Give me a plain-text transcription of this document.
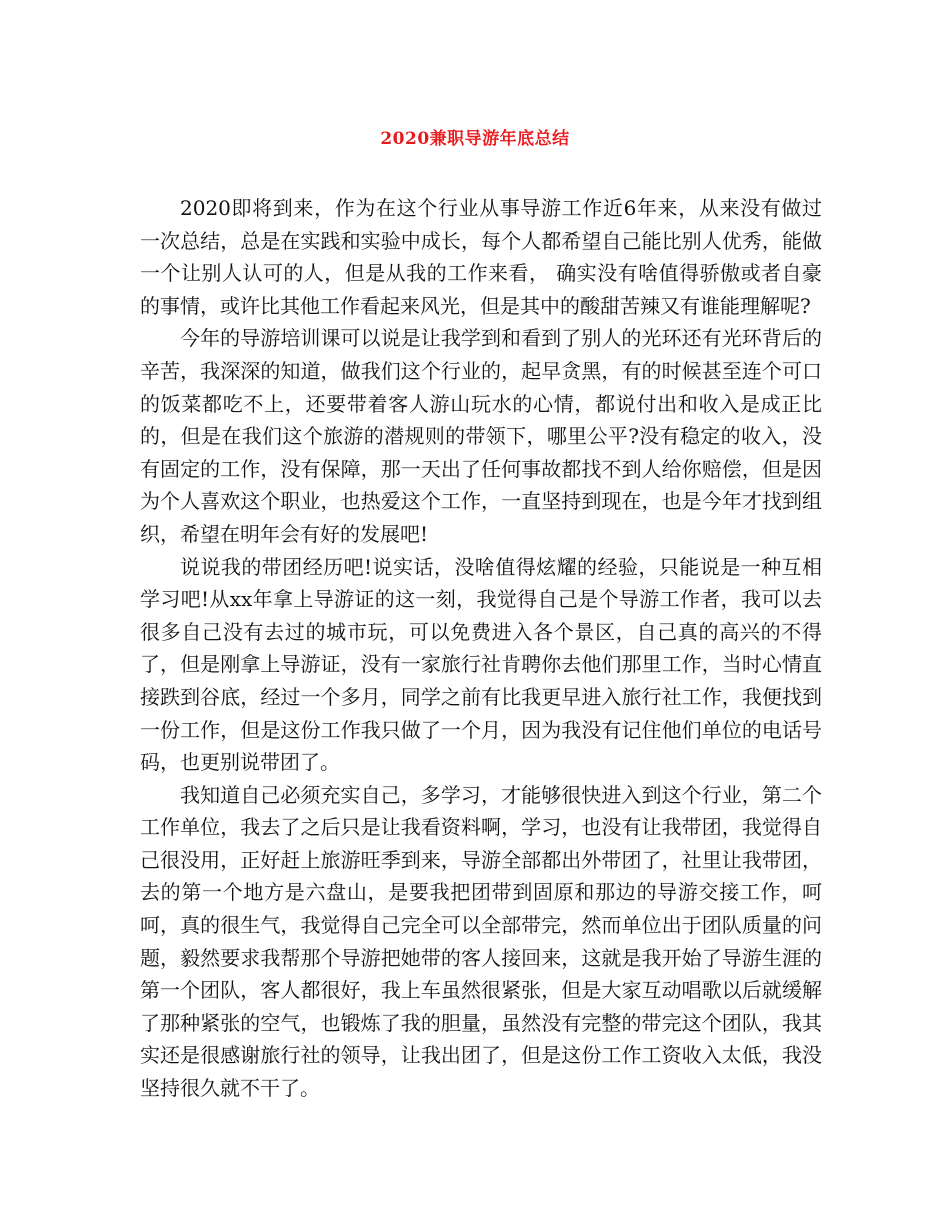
2020兼职导游年底总结

2020即将到来，作为在这个行业从事导游工作近6年来，从来没有做过一次总结，总是在实践和实验中成长，每个人都希望自己能比别人优秀，能做一个让别人认可的人，但是从我的工作来看， 确实没有啥值得骄傲或者自豪的事情，或许比其他工作看起来风光，但是其中的酸甜苦辣又有谁能理解呢?

今年的导游培训课可以说是让我学到和看到了别人的光环还有光环背后的辛苦，我深深的知道，做我们这个行业的，起早贪黑，有的时候甚至连个可口的饭菜都吃不上，还要带着客人游山玩水的心情，都说付出和收入是成正比的，但是在我们这个旅游的潜规则的带领下，哪里公平?没有稳定的收入，没有固定的工作，没有保障，那一天出了任何事故都找不到人给你赔偿，但是因为个人喜欢这个职业，也热爱这个工作，一直坚持到现在，也是今年才找到组织，希望在明年会有好的发展吧!

说说我的带团经历吧!说实话，没啥值得炫耀的经验，只能说是一种互相学习吧!从xx年拿上导游证的这一刻，我觉得自己是个导游工作者，我可以去很多自己没有去过的城市玩，可以免费进入各个景区，自己真的高兴的不得了，但是刚拿上导游证，没有一家旅行社肯聘你去他们那里工作，当时心情直接跌到谷底，经过一个多月，同学之前有比我更早进入旅行社工作，我便找到一份工作，但是这份工作我只做了一个月，因为我没有记住他们单位的电话号码，也更别说带团了。

我知道自己必须充实自己，多学习，才能够很快进入到这个行业，第二个工作单位，我去了之后只是让我看资料啊，学习，也没有让我带团，我觉得自己很没用，正好赶上旅游旺季到来，导游全部都出外带团了，社里让我带团，去的第一个地方是六盘山，是要我把团带到固原和那边的导游交接工作，呵呵，真的很生气，我觉得自己完全可以全部带完，然而单位出于团队质量的问题，毅然要求我帮那个导游把她带的客人接回来，这就是我开始了导游生涯的第一个团队，客人都很好，我上车虽然很紧张，但是大家互动唱歌以后就缓解了那种紧张的空气，也锻炼了我的胆量，虽然没有完整的带完这个团队，我其实还是很感谢旅行社的领导，让我出团了，但是这份工作工资收入太低，我没坚持很久就不干了。
